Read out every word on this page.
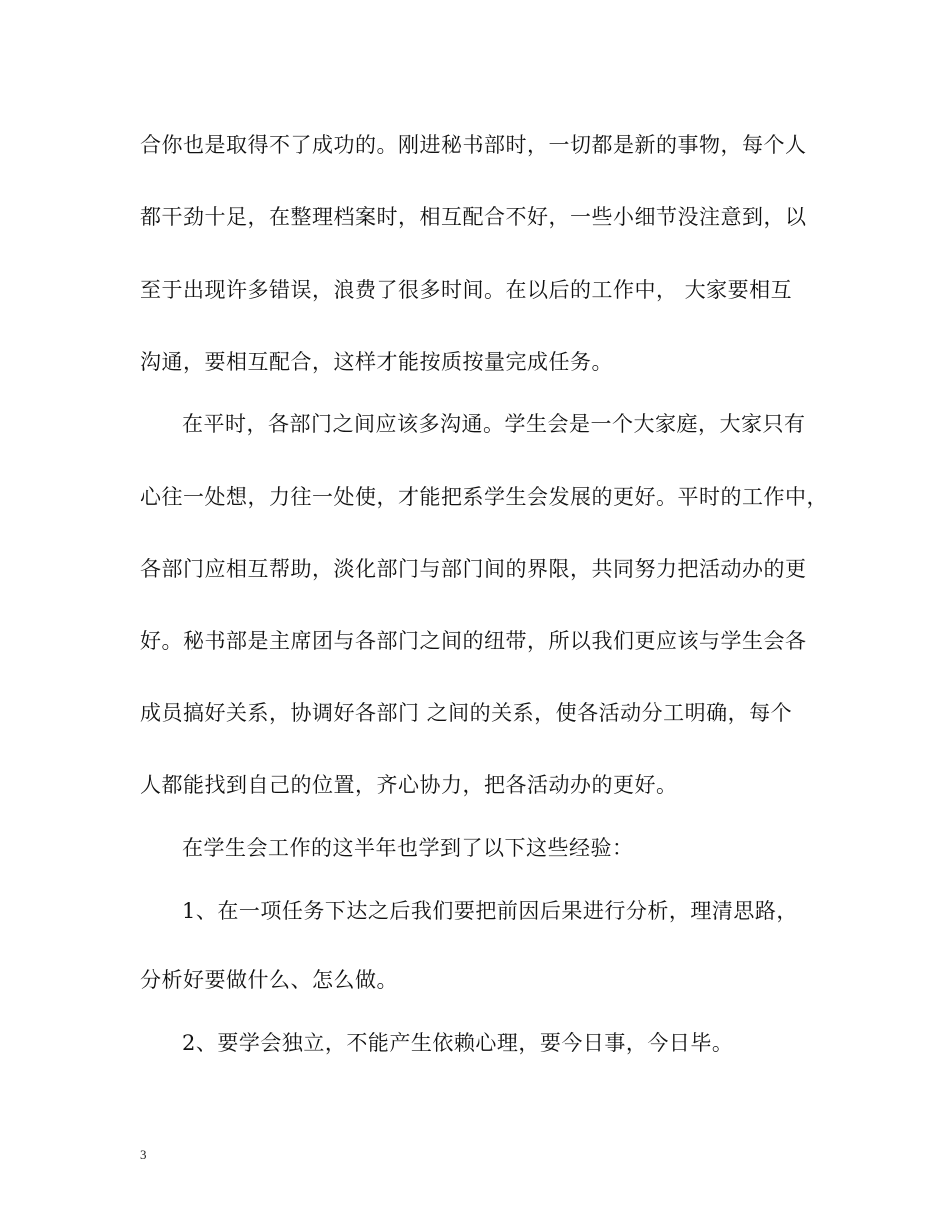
合你也是取得不了成功的。刚进秘书部时，一切都是新的事物，每个人
都干劲十足，在整理档案时，相互配合不好，一些小细节没注意到，以
至于出现许多错误，浪费了很多时间。在以后的工作中， 大家要相互
沟通，要相互配合，这样才能按质按量完成任务。
在平时，各部门之间应该多沟通。学生会是一个大家庭，大家只有
心往一处想，力往一处使，才能把系学生会发展的更好。平时的工作中，
各部门应相互帮助，淡化部门与部门间的界限，共同努力把活动办的更
好。秘书部是主席团与各部门之间的纽带，所以我们更应该与学生会各
成员搞好关系，协调好各部门 之间的关系，使各活动分工明确，每个
人都能找到自己的位置，齐心协力，把各活动办的更好。
在学生会工作的这半年也学到了以下这些经验：
1、在一项任务下达之后我们要把前因后果进行分析，理清思路，
分析好要做什么、怎么做。
2、要学会独立，不能产生依赖心理，要今日事，今日毕。
3
